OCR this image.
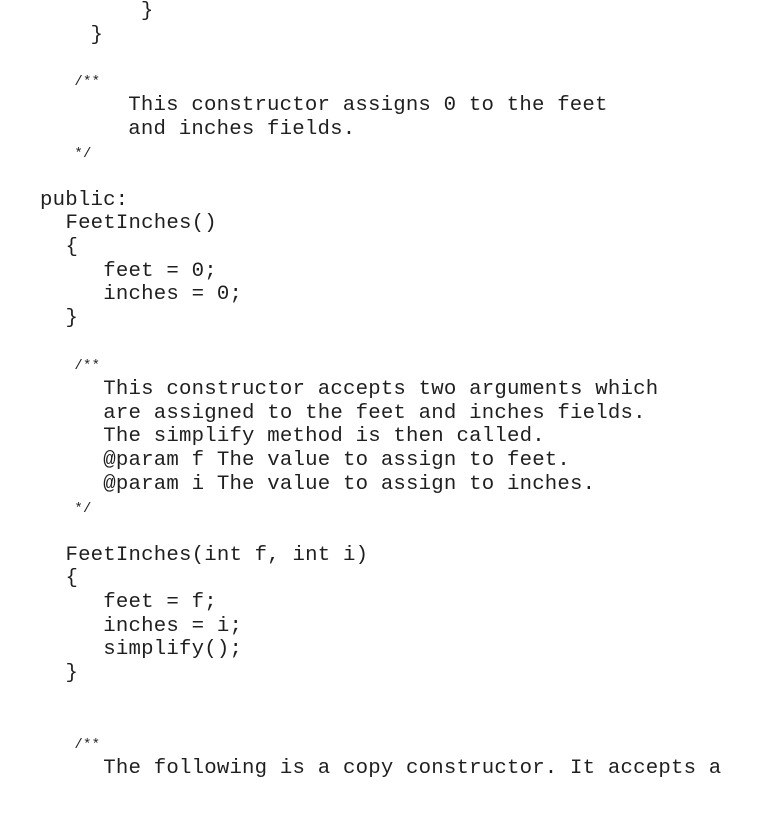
}
}
/**
This constructor assigns 0 to the feet
and inches fields.
*/
public:
FeetInches()
{
feet = 0;
inches = 0;
}
/**
This constructor accepts two arguments which
are assigned to the feet and inches fields.
The simplify method is then called.
@param f The value to assign to feet.
@param i The value to assign to inches.
*/
FeetInches(int f, int i)
{
feet = f;
inches = i;
simplify();
}
/**
The following is a copy constructor. It accepts a
